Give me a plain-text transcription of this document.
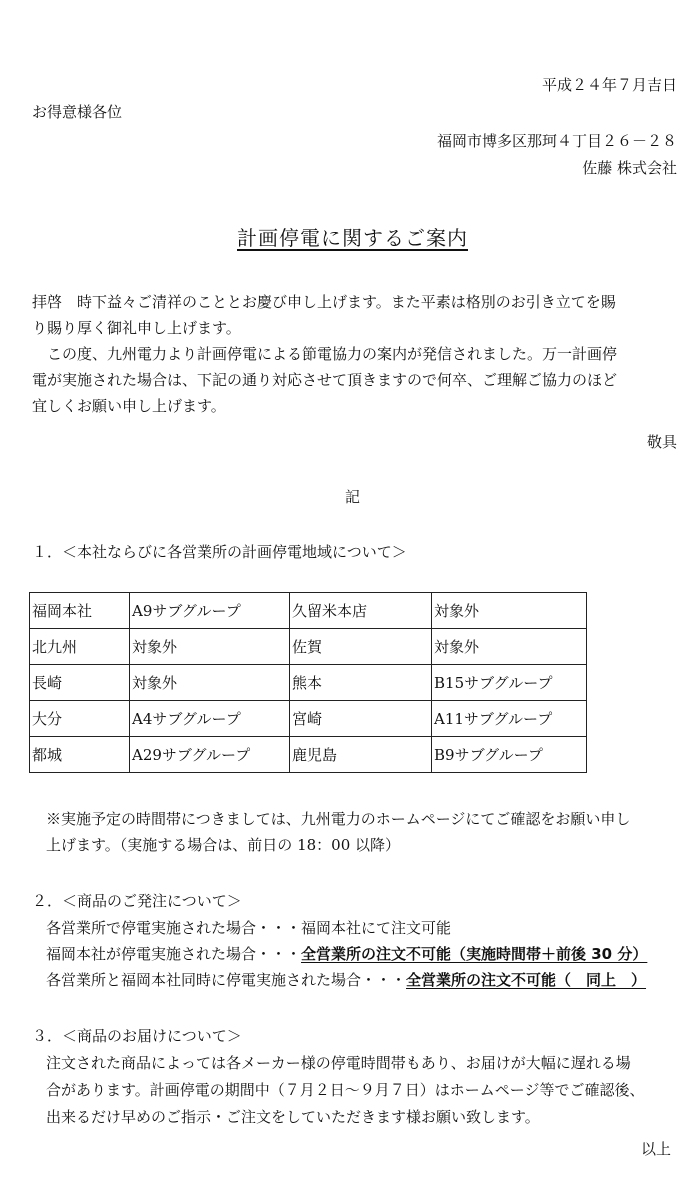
平成２４年７月吉日
お得意様各位
福岡市博多区那珂４丁目２６－２８
佐藤 株式会社
計画停電に関するご案内
拝啓　時下益々ご清祥のこととお慶び申し上げます。また平素は格別のお引き立てを賜
り賜り厚く御礼申し上げます。
　この度、九州電力より計画停電による節電協力の案内が発信されました。万一計画停
電が実施された場合は、下記の通り対応させて頂きますので何卒、ご理解ご協力のほど
宜しくお願い申し上げます。
敬具
記
１．＜本社ならびに各営業所の計画停電地域について＞
福岡本社	A9サブグループ	久留米本店	対象外
北九州	対象外	佐賀	対象外
長崎	対象外	熊本	B15サブグループ
大分	A4サブグループ	宮崎	A11サブグループ
都城	A29サブグループ	鹿児島	B9サブグループ
※実施予定の時間帯につきましては、九州電力のホームページにてご確認をお願い申し
上げます。（実施する場合は、前日の 18：00 以降）
２．＜商品のご発注について＞
各営業所で停電実施された場合・・・福岡本社にて注文可能
福岡本社が停電実施された場合・・・全営業所の注文不可能（実施時間帯＋前後 30 分）
各営業所と福岡本社同時に停電実施された場合・・・全営業所の注文不可能（　同上　）
３．＜商品のお届けについて＞
注文された商品によっては各メーカー様の停電時間帯もあり、お届けが大幅に遅れる場
合があります。計画停電の期間中（７月２日～９月７日）はホームページ等でご確認後、
出来るだけ早めのご指示・ご注文をしていただきます様お願い致します。
以上
